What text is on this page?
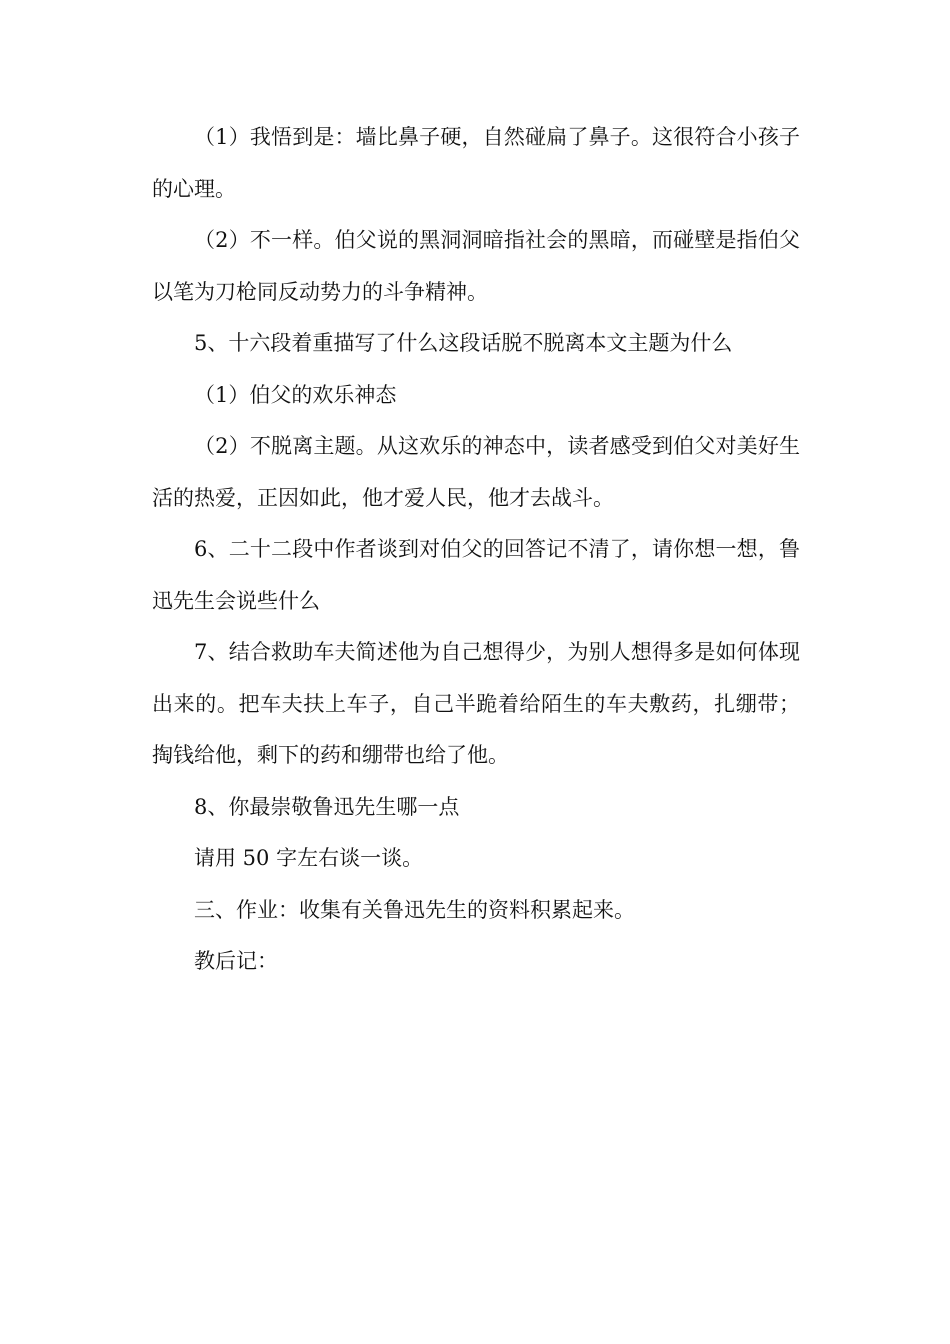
（1）我悟到是：墙比鼻子硬，自然碰扁了鼻子。这很符合小孩子的心理。

（2）不一样。伯父说的黑洞洞暗指社会的黑暗，而碰壁是指伯父以笔为刀枪同反动势力的斗争精神。

5、十六段着重描写了什么这段话脱不脱离本文主题为什么

（1）伯父的欢乐神态

（2）不脱离主题。从这欢乐的神态中，读者感受到伯父对美好生活的热爱，正因如此，他才爱人民，他才去战斗。

6、二十二段中作者谈到对伯父的回答记不清了，请你想一想，鲁迅先生会说些什么

7、结合救助车夫简述他为自己想得少，为别人想得多是如何体现出来的。把车夫扶上车子，自己半跪着给陌生的车夫敷药，扎绷带；掏钱给他，剩下的药和绷带也给了他。

8、你最崇敬鲁迅先生哪一点

请用 50 字左右谈一谈。

三、作业：收集有关鲁迅先生的资料积累起来。

教后记：
